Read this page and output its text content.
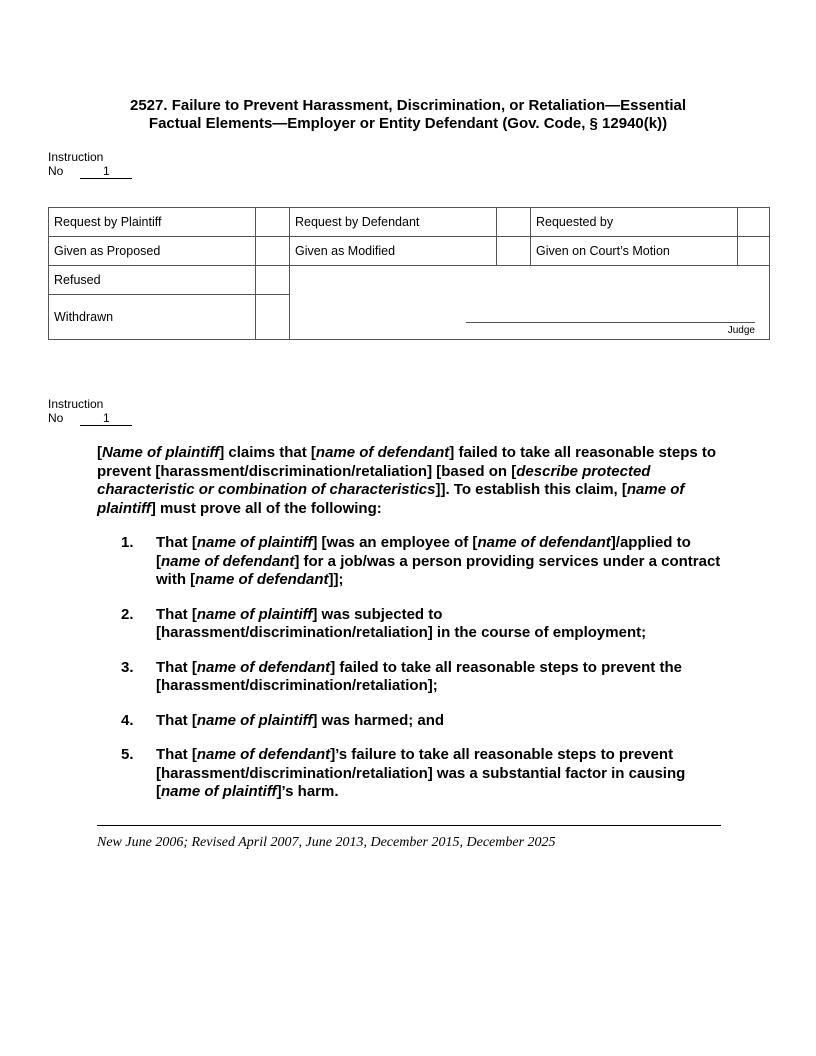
2527. Failure to Prevent Harassment, Discrimination, or Retaliation—Essential
Factual Elements—Employer or Entity Defendant (Gov. Code, § 12940(k))
Instruction
No	1
Request by Plaintiff		Request by Defendant		Requested by	
Given as Proposed		Given as Modified		Given on Court’s Motion	
Refused		Judge			

Withdrawn					
Instruction
No	1
[Name of plaintiff] claims that [name of defendant] failed to take all reasonable steps to prevent [harassment/discrimination/retaliation] [based on [describe protected characteristic or combination of characteristics]]. To establish this claim, [name of plaintiff] must prove all of the following:
1. That [name of plaintiff] [was an employee of [name of defendant]/applied to [name of defendant] for a job/was a person providing services under a contract with [name of defendant]];
2. That [name of plaintiff] was subjected to [harassment/discrimination/retaliation] in the course of employment;
3. That [name of defendant] failed to take all reasonable steps to prevent the [harassment/discrimination/retaliation];
4. That [name of plaintiff] was harmed; and
5. That [name of defendant]’s failure to take all reasonable steps to prevent [harassment/discrimination/retaliation] was a substantial factor in causing [name of plaintiff]’s harm.
New June 2006; Revised April 2007, June 2013, December 2015, December 2025
